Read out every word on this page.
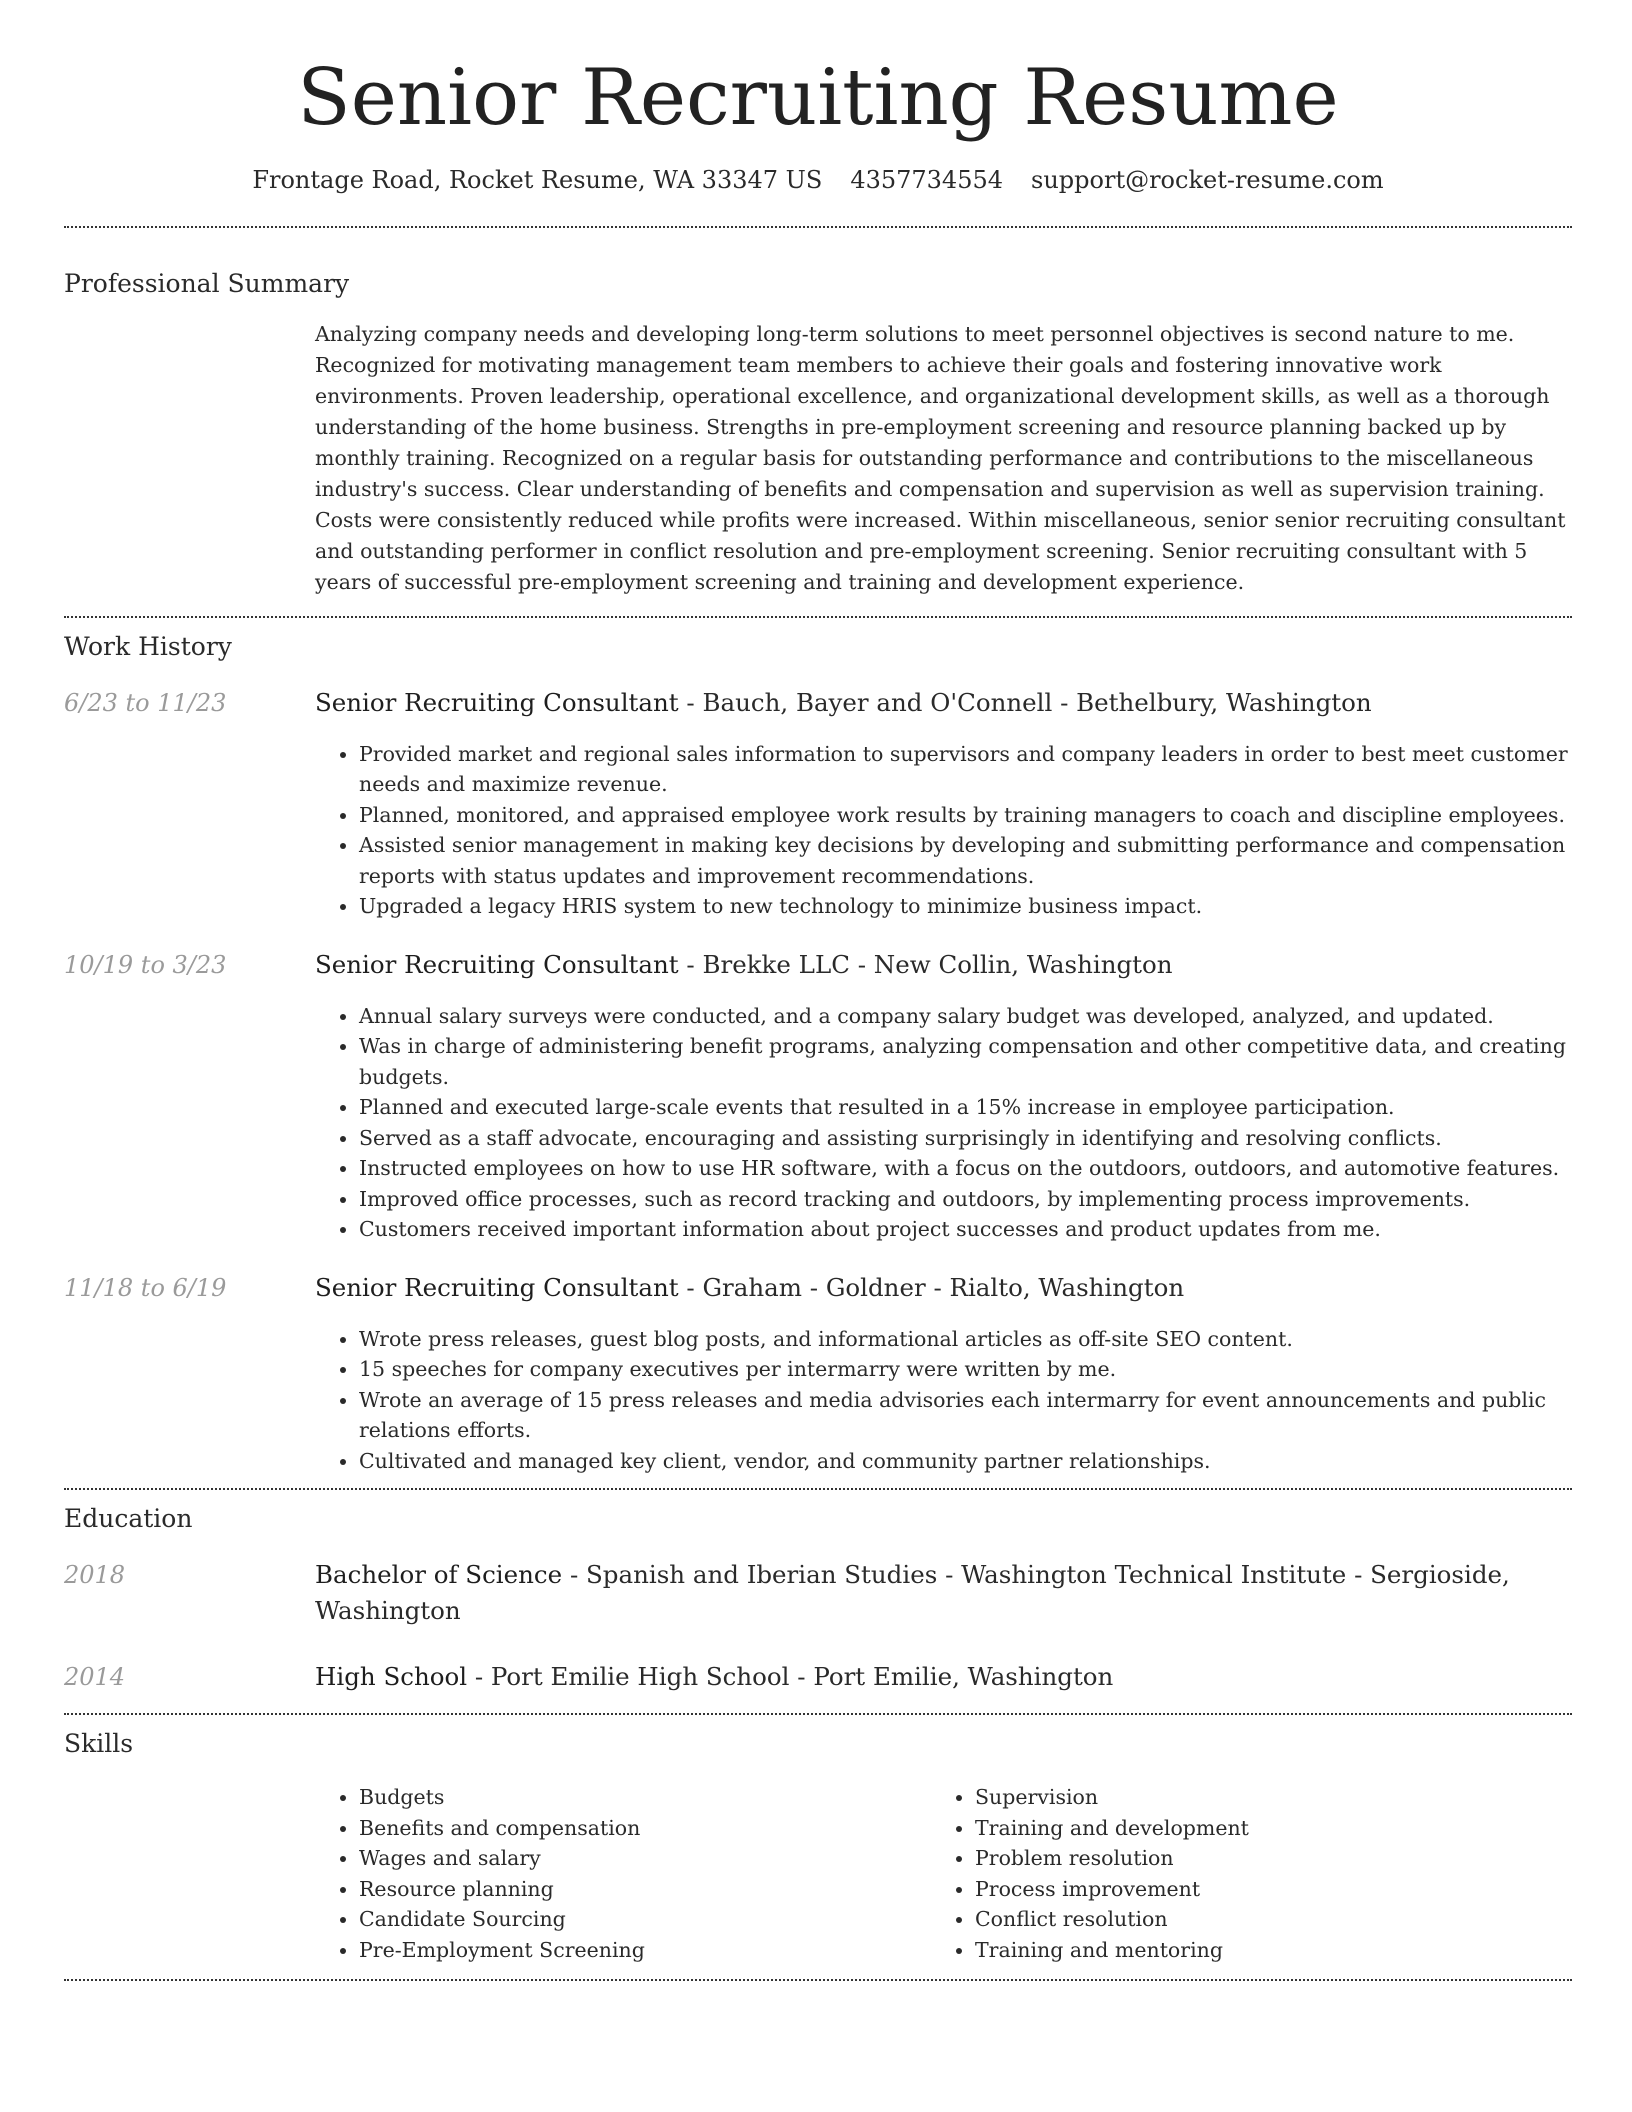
Senior Recruiting Resume
Frontage Road, Rocket Resume, WA 33347 US 4357734554 support@rocket-resume.com
Professional Summary
Analyzing company needs and developing long-term solutions to meet personnel objectives is second nature to me. Recognized for motivating management team members to achieve their goals and fostering innovative work environments. Proven leadership, operational excellence, and organizational development skills, as well as a thorough understanding of the home business. Strengths in pre-employment screening and resource planning backed up by monthly training. Recognized on a regular basis for outstanding performance and contributions to the miscellaneous industry's success. Clear understanding of benefits and compensation and supervision as well as supervision training. Costs were consistently reduced while profits were increased. Within miscellaneous, senior senior recruiting consultant and outstanding performer in conflict resolution and pre-employment screening. Senior recruiting consultant with 5 years of successful pre-employment screening and training and development experience.
Work History
6/23 to 11/23	Senior Recruiting Consultant - Bauch, Bayer and O'Connell - Bethelbury, Washington
• Provided market and regional sales information to supervisors and company leaders in order to best meet customer needs and maximize revenue.
• Planned, monitored, and appraised employee work results by training managers to coach and discipline employees.
• Assisted senior management in making key decisions by developing and submitting performance and compensation reports with status updates and improvement recommendations.
• Upgraded a legacy HRIS system to new technology to minimize business impact.
10/19 to 3/23	Senior Recruiting Consultant - Brekke LLC - New Collin, Washington
• Annual salary surveys were conducted, and a company salary budget was developed, analyzed, and updated.
• Was in charge of administering benefit programs, analyzing compensation and other competitive data, and creating budgets.
• Planned and executed large-scale events that resulted in a 15% increase in employee participation.
• Served as a staff advocate, encouraging and assisting surprisingly in identifying and resolving conflicts.
• Instructed employees on how to use HR software, with a focus on the outdoors, outdoors, and automotive features.
• Improved office processes, such as record tracking and outdoors, by implementing process improvements.
• Customers received important information about project successes and product updates from me.
11/18 to 6/19	Senior Recruiting Consultant - Graham - Goldner - Rialto, Washington
• Wrote press releases, guest blog posts, and informational articles as off-site SEO content.
• 15 speeches for company executives per intermarry were written by me.
• Wrote an average of 15 press releases and media advisories each intermarry for event announcements and public relations efforts.
• Cultivated and managed key client, vendor, and community partner relationships.
Education
2018	Bachelor of Science - Spanish and Iberian Studies - Washington Technical Institute - Sergioside, Washington
2014	High School - Port Emilie High School - Port Emilie, Washington
Skills
• Budgets
• Benefits and compensation
• Wages and salary
• Resource planning
• Candidate Sourcing
• Pre-Employment Screening
• Supervision
• Training and development
• Problem resolution
• Process improvement
• Conflict resolution
• Training and mentoring
